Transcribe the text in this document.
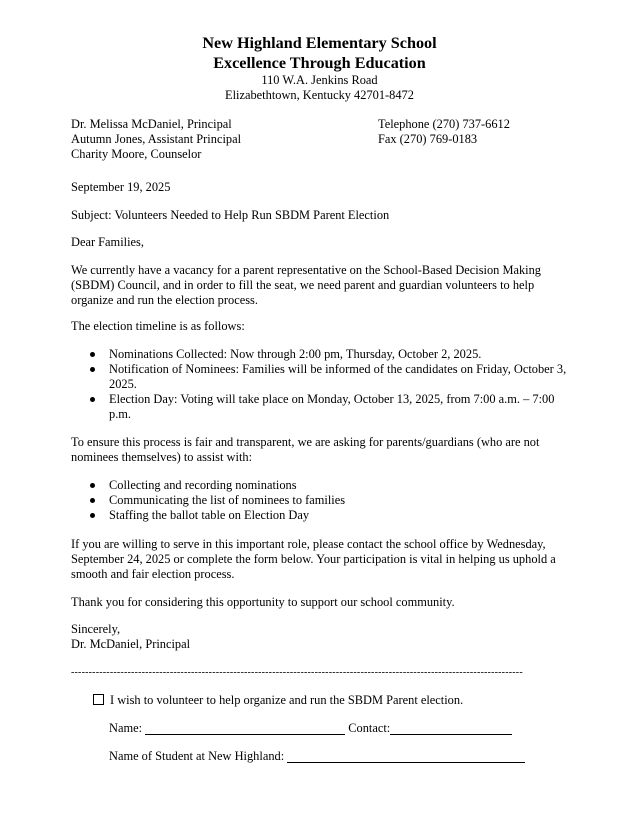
New Highland Elementary School
Excellence Through Education
110 W.A. Jenkins Road
Elizabethtown, Kentucky 42701-8472
Dr. Melissa McDaniel, Principal
Autumn Jones, Assistant Principal
Charity Moore, Counselor
Telephone (270) 737-6612
Fax (270) 769-0183
September 19, 2025
Subject: Volunteers Needed to Help Run SBDM Parent Election
Dear Families,
We currently have a vacancy for a parent representative on the School-Based Decision Making (SBDM) Council, and in order to fill the seat, we need parent and guardian volunteers to help organize and run the election process.
The election timeline is as follows:
Nominations Collected: Now through 2:00 pm, Thursday, October 2, 2025.
Notification of Nominees: Families will be informed of the candidates on Friday, October 3, 2025.
Election Day: Voting will take place on Monday, October 13, 2025, from 7:00 a.m. – 7:00 p.m.
To ensure this process is fair and transparent, we are asking for parents/guardians (who are not nominees themselves) to assist with:
Collecting and recording nominations
Communicating the list of nominees to families
Staffing the ballot table on Election Day
If you are willing to serve in this important role, please contact the school office by Wednesday, September 24, 2025 or complete the form below. Your participation is vital in helping us uphold a smooth and fair election process.
Thank you for considering this opportunity to support our school community.
Sincerely,
Dr. McDaniel, Principal
--------------------------------------------------------------------------------------------------------------------------------
I wish to volunteer to help organize and run the SBDM Parent election.
Name:	Contact:
Name of Student at New Highland:
